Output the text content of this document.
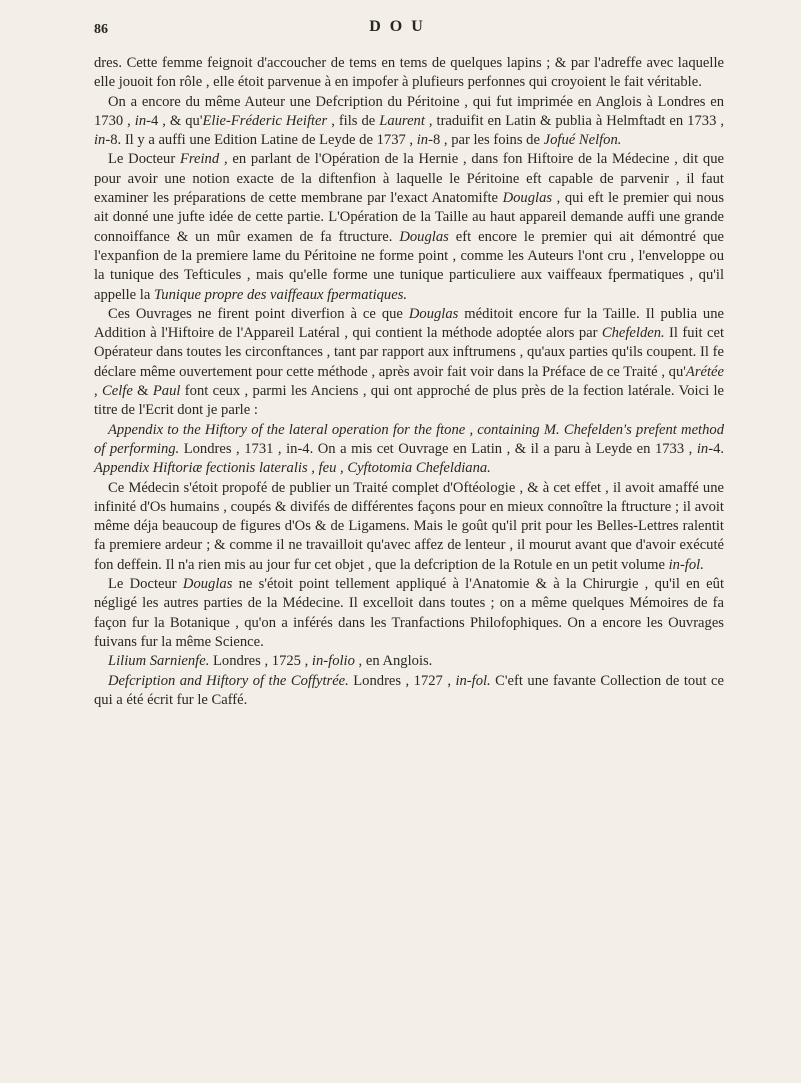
86	DOU

dres. Cette femme feignoit d'accoucher de tems en tems de quelques lapins ; & par l'adreffe avec laquelle elle jouoit fon rôle , elle étoit parvenue à en impofer à plufieurs perfonnes qui croyoient le fait véritable.

On a encore du même Auteur une Defcription du Péritoine , qui fut imprimée en Anglois à Londres en 1730 , in-4 , & qu'Elie-Fréderic Heifter , fils de Laurent , traduifit en Latin & publia à Helmftadt en 1733 , in-8. Il y a auffi une Edition Latine de Leyde de 1737 , in-8 , par les foins de Jofué Nelfon.

Le Docteur Freind , en parlant de l'Opération de la Hernie , dans fon Hiftoire de la Médecine , dit que pour avoir une notion exacte de la diftenfion à laquelle le Péritoine eft capable de parvenir , il faut examiner les préparations de cette membrane par l'exact Anatomifte Douglas , qui eft le premier qui nous ait donné une jufte idée de cette partie. L'Opération de la Taille au haut appareil demande auffi une grande connoiffance & un mûr examen de fa ftructure. Douglas eft encore le premier qui ait démontré que l'expanfion de la premiere lame du Péritoine ne forme point , comme les Auteurs l'ont cru , l'enveloppe ou la tunique des Tefticules , mais qu'elle forme une tunique particuliere aux vaiffeaux fpermatiques , qu'il appelle la Tunique propre des vaiffeaux fpermatiques.

Ces Ouvrages ne firent point diverfion à ce que Douglas méditoit encore fur la Taille. Il publia une Addition à l'Hiftoire de l'Appareil Latéral , qui contient la méthode adoptée alors par Chefelden. Il fuit cet Opérateur dans toutes les circonftances , tant par rapport aux inftrumens , qu'aux parties qu'ils coupent. Il fe déclare même ouvertement pour cette méthode , après avoir fait voir dans la Préface de ce Traité , qu'Arétée , Celfe & Paul font ceux , parmi les Anciens , qui ont approché de plus près de la fection latérale. Voici le titre de l'Ecrit dont je parle :

Appendix to the Hiftory of the lateral operation for the ftone , containing M. Chefelden's prefent method of performing. Londres , 1731 , in-4. On a mis cet Ouvrage en Latin , & il a paru à Leyde en 1733 , in-4. Appendix Hiftoriæ fectionis lateralis , feu , Cyftotomia Chefeldiana.

Ce Médecin s'étoit propofé de publier un Traité complet d'Oftéologie , & à cet effet , il avoit amaffé une infinité d'Os humains , coupés & divifés de différentes façons pour en mieux connoître la ftructure ; il avoit même déja beaucoup de figures d'Os & de Ligamens. Mais le goût qu'il prit pour les Belles-Lettres ralentit fa premiere ardeur ; & comme il ne travailloit qu'avec affez de lenteur , il mourut avant que d'avoir exécuté fon deffein. Il n'a rien mis au jour fur cet objet , que la defcription de la Rotule en un petit volume in-fol.

Le Docteur Douglas ne s'étoit point tellement appliqué à l'Anatomie & à la Chirurgie , qu'il en eût négligé les autres parties de la Médecine. Il excelloit dans toutes ; on a même quelques Mémoires de fa façon fur la Botanique , qu'on a inférés dans les Tranfactions Philofophiques. On a encore les Ouvrages fuivans fur la même Science.

Lilium Sarnienfe. Londres , 1725 , in-folio , en Anglois.

Defcription and Hiftory of the Coffytrée. Londres , 1727 , in-fol. C'eft une favante Collection de tout ce qui a été écrit fur le Caffé.
